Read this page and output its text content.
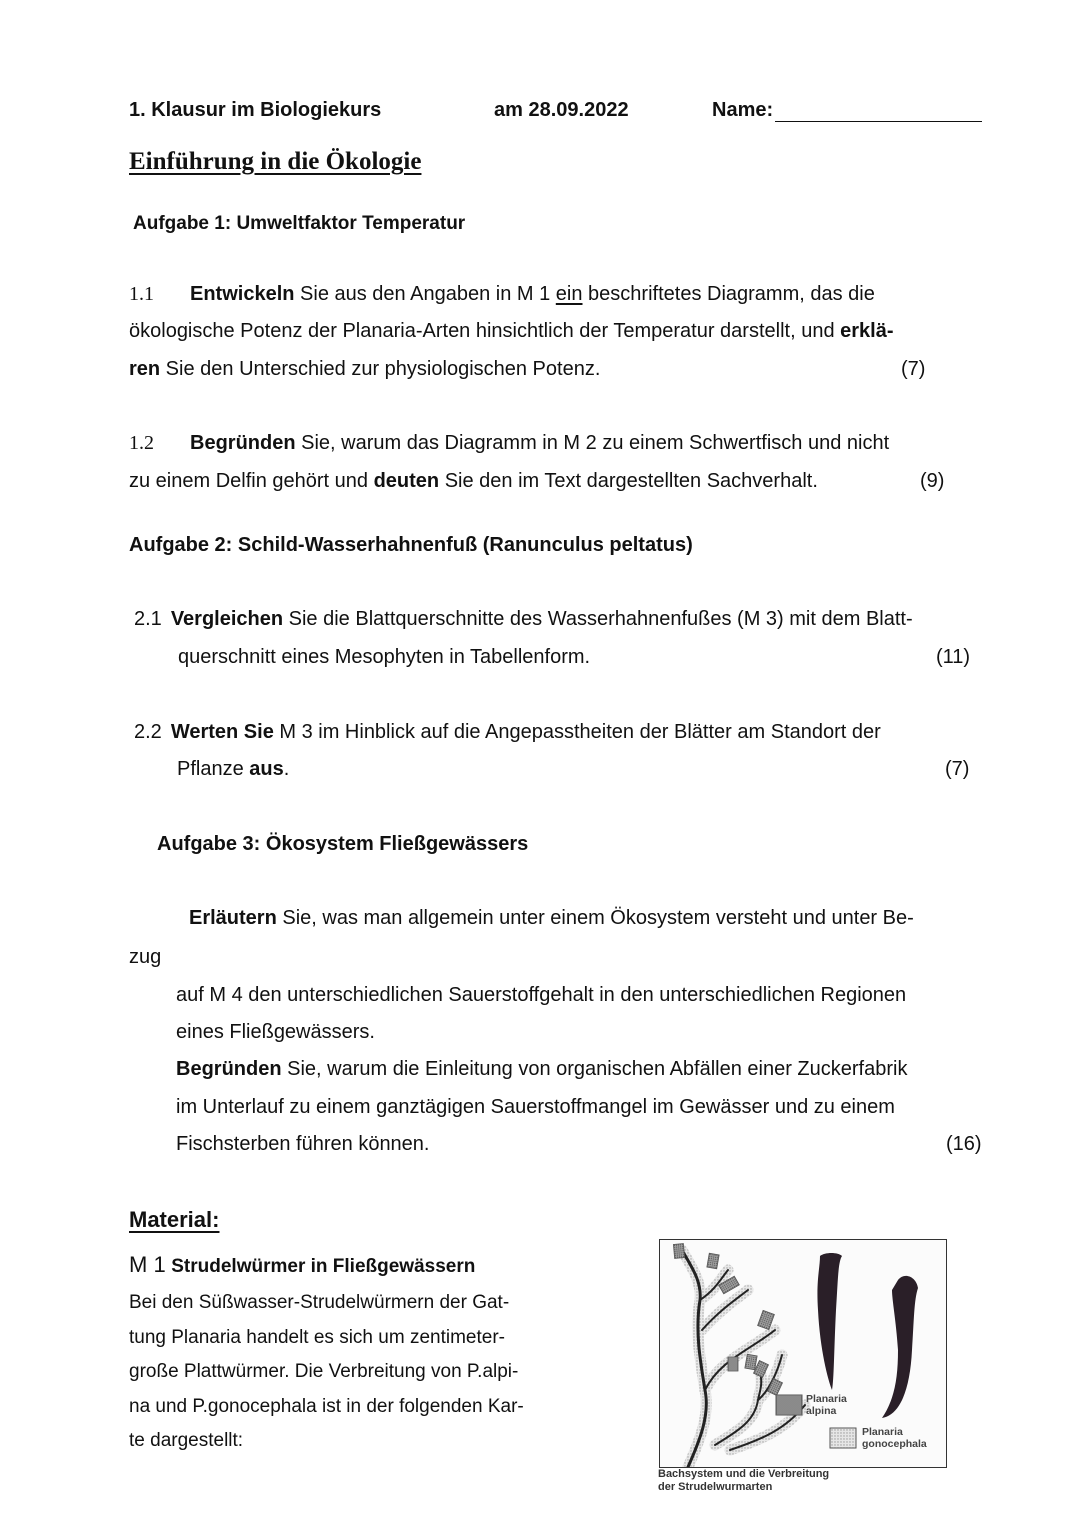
1. Klausur im Biologiekurs	am 28.09.2022	Name:
Einführung in die Ökologie
Aufgabe 1: Umweltfaktor Temperatur
1.1 Entwickeln Sie aus den Angaben in M 1 ein beschriftetes Diagramm, das die
ökologische Potenz der Planaria-Arten hinsichtlich der Temperatur darstellt, und erklä-
ren Sie den Unterschied zur physiologischen Potenz.	(7)
1.2 Begründen Sie, warum das Diagramm in M 2 zu einem Schwertfisch und nicht
zu einem Delfin gehört und deuten Sie den im Text dargestellten Sachverhalt.	(9)
Aufgabe 2: Schild-Wasserhahnenfuß (Ranunculus peltatus)
2.1 Vergleichen Sie die Blattquerschnitte des Wasserhahnenfußes (M 3) mit dem Blatt-
querschnitt eines Mesophyten in Tabellenform.	(11)
2.2 Werten Sie M 3 im Hinblick auf die Angepasstheiten der Blätter am Standort der
Pflanze aus.	(7)
Aufgabe 3: Ökosystem Fließgewässers
Erläutern Sie, was man allgemein unter einem Ökosystem versteht und unter Be-
zug
auf M 4 den unterschiedlichen Sauerstoffgehalt in den unterschiedlichen Regionen
eines Fließgewässers.
Begründen Sie, warum die Einleitung von organischen Abfällen einer Zuckerfabrik
im Unterlauf zu einem ganztägigen Sauerstoffmangel im Gewässer und zu einem
Fischsterben führen können.	(16)
Material:
M 1 Strudelwürmer in Fließgewässern
Bei den Süßwasser-Strudelwürmern der Gat-
tung Planaria handelt es sich um zentimeter-
große Plattwürmer. Die Verbreitung von P.alpi-
na und P.gonocephala ist in der folgenden Kar-
te dargestellt:
Planaria
alpina
Planaria
gonocephala
Bachsystem und die Verbreitung
der Strudelwurmarten
